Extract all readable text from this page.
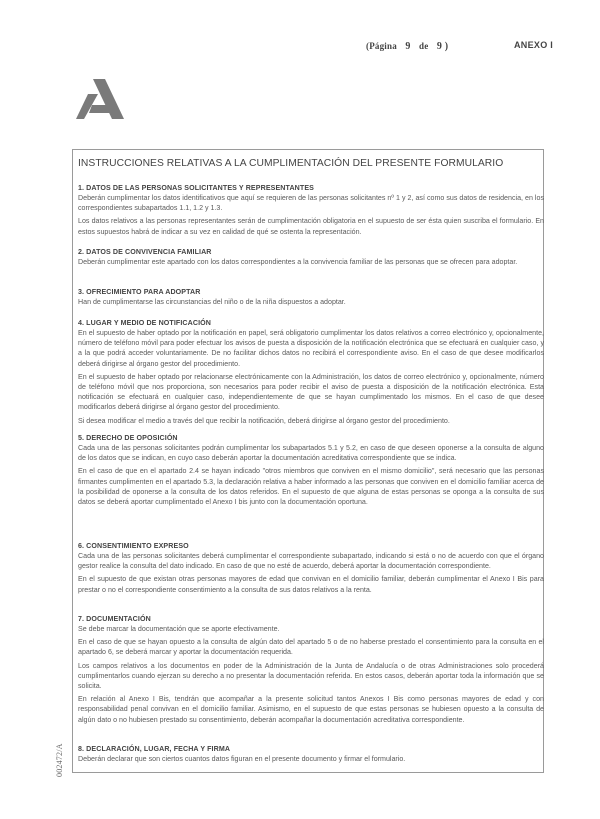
(Página 9 de 9 )	ANEXO I
002472/A
INSTRUCCIONES RELATIVAS A LA CUMPLIMENTACIÓN DEL PRESENTE FORMULARIO
1. DATOS DE LAS PERSONAS SOLICITANTES Y REPRESENTANTES

Deberán cumplimentar los datos identificativos que aquí se requieren de las personas solicitantes nº 1 y 2, así como sus datos de residencia, en los correspondientes subapartados 1.1, 1.2 y 1.3.

Los datos relativos a las personas representantes serán de cumplimentación obligatoria en el supuesto de ser ésta quien suscriba el formulario. En estos supuestos habrá de indicar a su vez en calidad de qué se ostenta la representación.

2. DATOS DE CONVIVENCIA FAMILIAR

Deberán cumplimentar este apartado con los datos correspondientes a la convivencia familiar de las personas que se ofrecen para adoptar.

3. OFRECIMIENTO PARA ADOPTAR

Han de cumplimentarse las circunstancias del niño o de la niña dispuestos a adoptar.

4. LUGAR Y MEDIO DE NOTIFICACIÓN

En el supuesto de haber optado por la notificación en papel, será obligatorio cumplimentar los datos relativos a correo electrónico y, opcionalmente, número de teléfono móvil para poder efectuar los avisos de puesta a disposición de la notificación electrónica que se efectuará en cualquier caso, y a la que podrá acceder voluntariamente. De no facilitar dichos datos no recibirá el correspondiente aviso. En el caso de que desee modificarlos deberá dirigirse al órgano gestor del procedimiento.

En el supuesto de haber optado por relacionarse electrónicamente con la Administración, los datos de correo electrónico y, opcionalmente, número de teléfono móvil que nos proporciona, son necesarios para poder recibir el aviso de puesta a disposición de la notificación electrónica. Esta notificación se efectuará en cualquier caso, independientemente de que se hayan cumplimentado los mismos. En el caso de que desee modificarlos deberá dirigirse al órgano gestor del procedimiento.

Si desea modificar el medio a través del que recibir la notificación, deberá dirigirse al órgano gestor del procedimiento.

5. DERECHO DE OPOSICIÓN

Cada una de las personas solicitantes podrán cumplimentar los subapartados 5.1 y 5.2, en caso de que deseen oponerse a la consulta de alguno de los datos que se indican, en cuyo caso deberán aportar la documentación acreditativa correspondiente que se indica.

En el caso de que en el apartado 2.4 se hayan indicado "otros miembros que conviven en el mismo domicilio", será necesario que las personas firmantes cumplimenten en el apartado 5.3, la declaración relativa a haber informado a las personas que conviven en el domicilio familiar acerca de la posibilidad de oponerse a la consulta de los datos referidos. En el supuesto de que alguna de estas personas se oponga a la consulta de sus datos se deberá aportar cumplimentado el Anexo I bis junto con la documentación oportuna.

6. CONSENTIMIENTO EXPRESO

Cada una de las personas solicitantes deberá cumplimentar el correspondiente subapartado, indicando si está o no de acuerdo con que el órgano gestor realice la consulta del dato indicado. En caso de que no esté de acuerdo, deberá aportar la documentación correspondiente.

En el supuesto de que existan otras personas mayores de edad que convivan en el domicilio familiar, deberán cumplimentar el Anexo I Bis para prestar o no el correspondiente consentimiento a la consulta de sus datos relativos a la renta.

7. DOCUMENTACIÓN

Se debe marcar la documentación que se aporte efectivamente.

En el caso de que se hayan opuesto a la consulta de algún dato del apartado 5 o de no haberse prestado el consentimiento para la consulta en el apartado 6, se deberá marcar y aportar la documentación requerida.

Los campos relativos a los documentos en poder de la Administración de la Junta de Andalucía o de otras Administraciones solo procederá cumplimentarlos cuando ejerzan su derecho a no presentar la documentación referida. En estos casos, deberán aportar toda la información que se solicita.

En relación al Anexo I Bis, tendrán que acompañar a la presente solicitud tantos Anexos I Bis como personas mayores de edad y con responsabilidad penal convivan en el domicilio familiar. Asimismo, en el supuesto de que estas personas se hubiesen opuesto a la consulta de algún dato o no hubiesen prestado su consentimiento, deberán acompañar la documentación acreditativa correspondiente.

8. DECLARACIÓN, LUGAR, FECHA Y FIRMA

Deberán declarar que son ciertos cuantos datos figuran en el presente documento y firmar el formulario.
